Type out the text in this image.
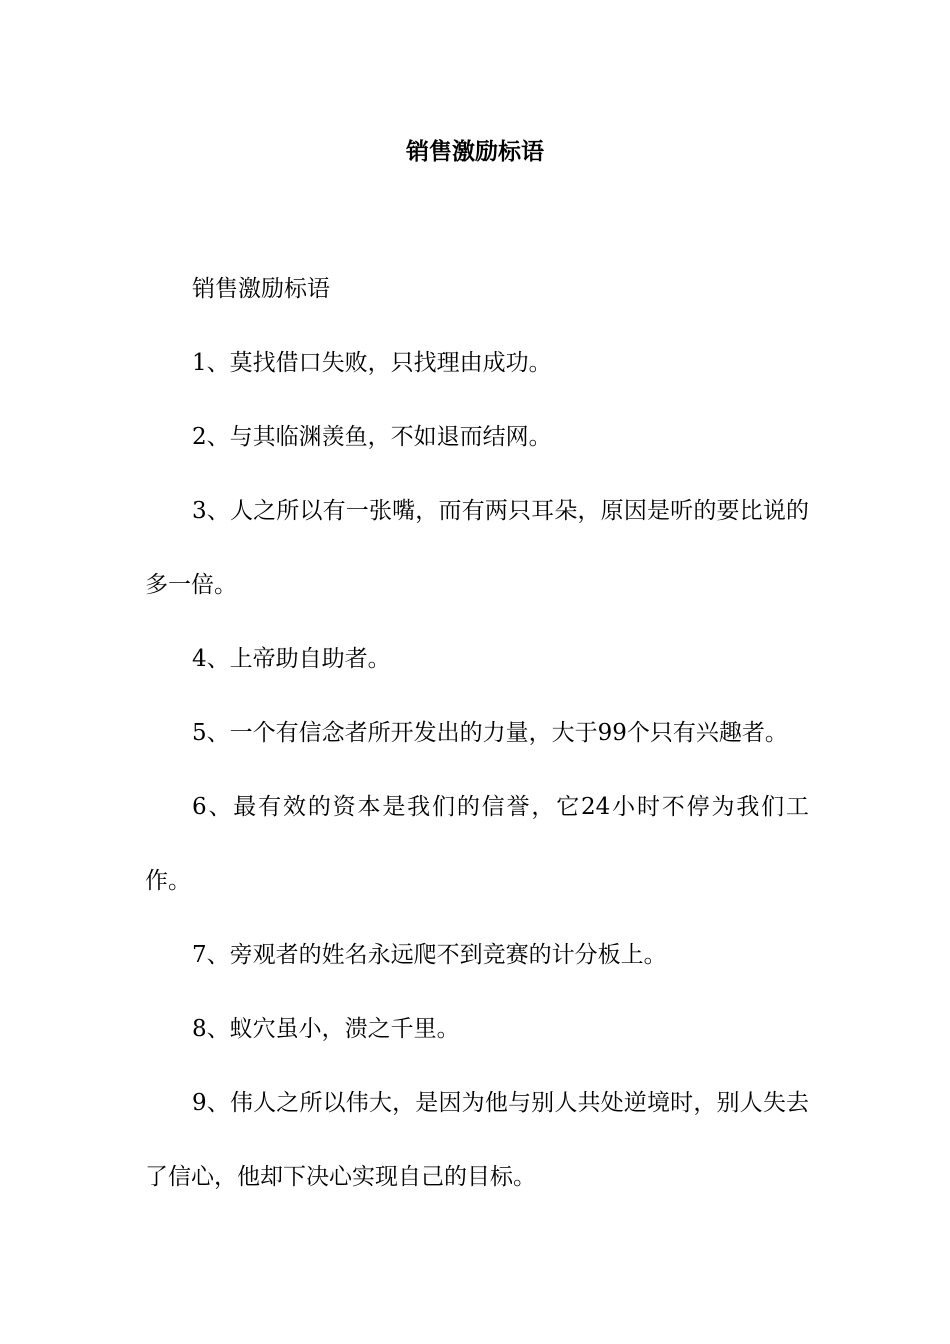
销售激励标语

销售激励标语

1、莫找借口失败，只找理由成功。

2、与其临渊羡鱼，不如退而结网。

3、人之所以有一张嘴，而有两只耳朵，原因是听的要比说的多一倍。

4、上帝助自助者。

5、一个有信念者所开发出的力量，大于99个只有兴趣者。

6、最有效的资本是我们的信誉，它24小时不停为我们工作。

7、旁观者的姓名永远爬不到竞赛的计分板上。

8、蚁穴虽小，溃之千里。

9、伟人之所以伟大，是因为他与别人共处逆境时，别人失去了信心，他却下决心实现自己的目标。
